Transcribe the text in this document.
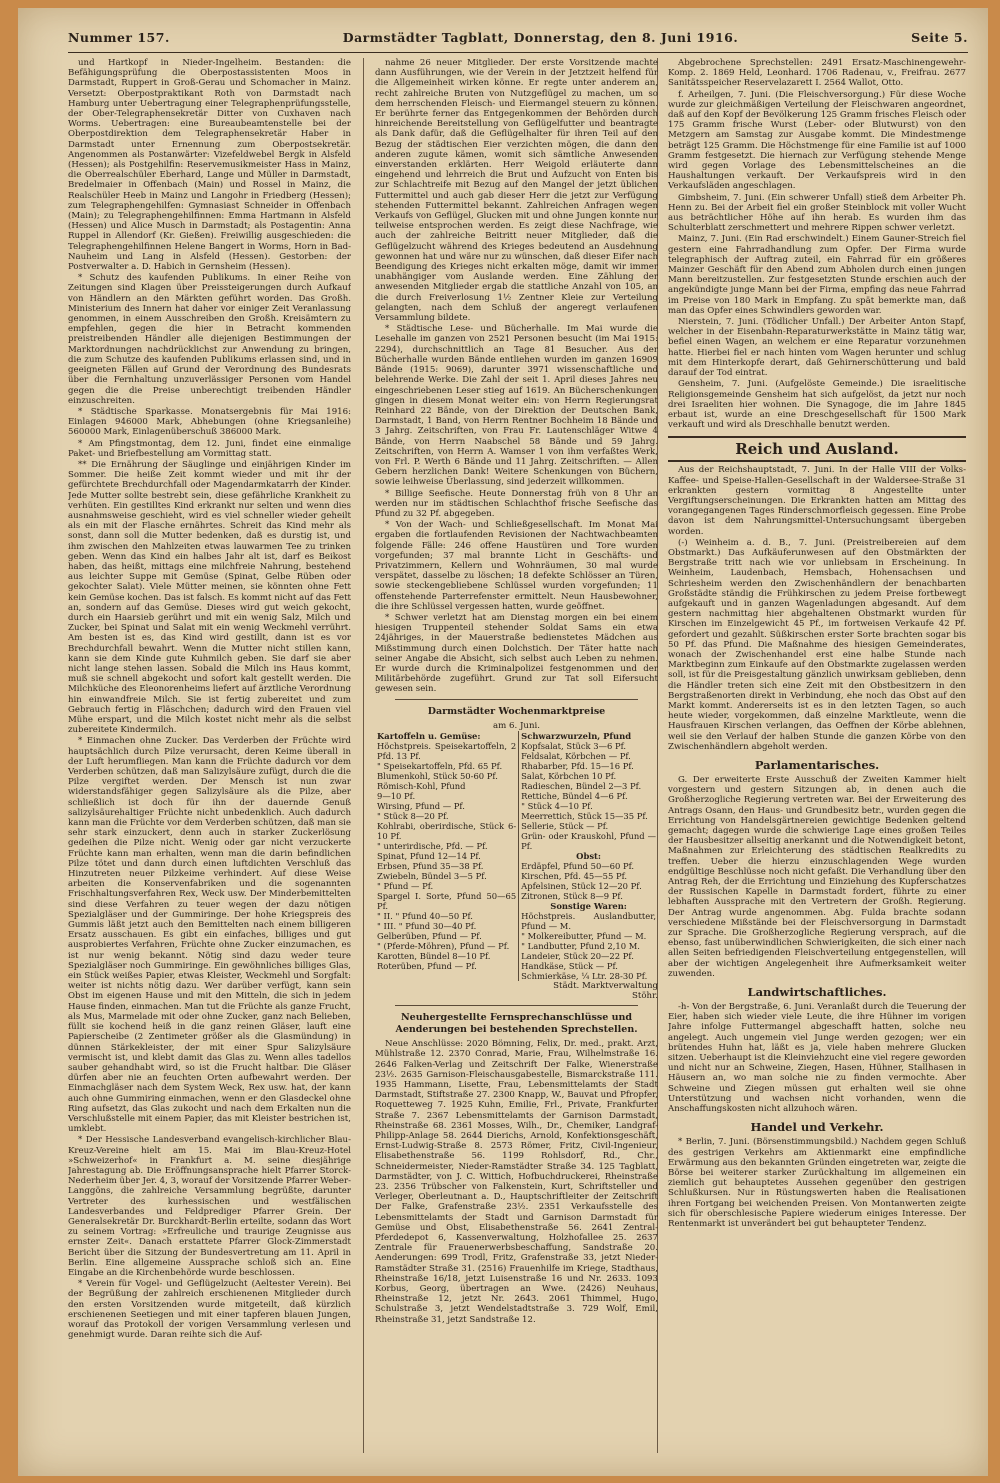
Nummer 157.	Darmstädter Tagblatt, Donnerstag, den 8. Juni 1916.	Seite 5.

und Hartkopf in Nieder-Ingelheim. Bestanden: die Befähigungsprüfung die Oberpostassistenten Moos in Darmstadt, Ruppert in Groß-Gerau und Schomacher in Mainz. Versetzt: Oberpostpraktikant Roth von Darmstadt nach Hamburg unter Uebertragung einer Telegraphenprüfungsstelle, der Ober-Telegraphensekretär Ditter von Cuxhaven nach Worms. Uebertragen: eine Bureaubeamtenstelle bei der Oberpostdirektion dem Telegraphensekretär Haber in Darmstadt unter Ernennung zum Oberpostsekretär. Angenommen als Postanwärter: Vizefeldwebel Bergk in Alsfeld (Hessen); als Postgehilfin: Reservemusikmeister Hass in Mainz, die Oberrealschüler Eberhard, Lange und Müller in Darmstadt, Bredelmaier in Offenbach (Main) und Rossel in Mainz, die Realschüler Heeb in Mainz und Langohr in Friedberg (Hessen); zum Telegraphengehilfen: Gymnasiast Schneider in Offenbach (Main); zu Telegraphengehilfinnen: Emma Hartmann in Alsfeld (Hessen) und Alice Musch in Darmstadt; als Postagentin: Anna Ruppel in Allendorf (Kr. Gießen). Freiwillig ausgeschieden: die Telegraphengehilfinnen Helene Bangert in Worms, Horn in Bad-Nauheim und Lang in Alsfeld (Hessen). Gestorben: der Postverwalter a. D. Habich in Gernsheim (Hessen).

* Schutz des kaufenden Publikums. In einer Reihe von Zeitungen sind Klagen über Preissteigerungen durch Aufkauf von Händlern an den Märkten geführt worden. Das Großh. Ministerium des Innern hat daher vor einiger Zeit Veranlassung genommen, in einem Ausschreiben den Großh. Kreisämtern zu empfehlen, gegen die hier in Betracht kommenden preistreibenden Händler alle diejenigen Bestimmungen der Marktordnungen nachdrücklichst zur Anwendung zu bringen, die zum Schutze des kaufenden Publikums erlassen sind, und in geeigneten Fällen auf Grund der Verordnung des Bundesrats über die Fernhaltung unzuverlässiger Personen vom Handel gegen die die Preise unberechtigt treibenden Händler einzuschreiten.

* Städtische Sparkasse. Monatsergebnis für Mai 1916: Einlagen 946000 Mark, Abhebungen (ohne Kriegsanleihe) 560000 Mark, Einlagenüberschuß 386000 Mark.

* Am Pfingstmontag, dem 12. Juni, findet eine einmalige Paket- und Briefbestellung am Vormittag statt.

** Die Ernährung der Säuglinge und einjährigen Kinder im Sommer. Die heiße Zeit kommt wieder und mit ihr der gefürchtete Brechdurchfall oder Magendarmkatarrh der Kinder. Jede Mutter sollte bestrebt sein, diese gefährliche Krankheit zu verhüten. Ein gestilltes Kind erkrankt nur selten und wenn dies ausnahmsweise geschieht, wird es viel schneller wieder geheilt als ein mit der Flasche ernährtes. Schreit das Kind mehr als sonst, dann soll die Mutter bedenken, daß es durstig ist, und ihm zwischen den Mahlzeiten etwas lauwarmen Tee zu trinken geben. Wenn das Kind ein halbes Jahr alt ist, darf es Beikost haben, das heißt, mittags eine milchfreie Nahrung, bestehend aus leichter Suppe mit Gemüse (Spinat, Gelbe Rüben oder gekochter Salat). Viele Mütter meinen, sie könnten ohne Fett kein Gemüse kochen. Das ist falsch. Es kommt nicht auf das Fett an, sondern auf das Gemüse. Dieses wird gut weich gekocht, durch ein Haarsieb gerührt und mit ein wenig Salz, Milch und Zucker, bei Spinat und Salat mit ein wenig Weckmehl verrührt. Am besten ist es, das Kind wird gestillt, dann ist es vor Brechdurchfall bewahrt. Wenn die Mutter nicht stillen kann, kann sie dem Kinde gute Kuhmilch geben. Sie darf sie aber nicht lange stehen lassen. Sobald die Milch ins Haus kommt, muß sie schnell abgekocht und sofort kalt gestellt werden. Die Milchküche des Eleonorenheims liefert auf ärztliche Verordnung hin einwandfreie Milch. Sie ist fertig zubereitet und zum Gebrauch fertig in Fläschchen; dadurch wird den Frauen viel Mühe erspart, und die Milch kostet nicht mehr als die selbst zubereitete Kindermilch.

* Einmachen ohne Zucker. Das Verderben der Früchte wird hauptsächlich durch Pilze verursacht, deren Keime überall in der Luft herumfliegen. Man kann die Früchte dadurch vor dem Verderben schützen, daß man Salizylsäure zufügt, durch die die Pilze vergiftet werden. Der Mensch ist nun zwar widerstandsfähiger gegen Salizylsäure als die Pilze, aber schließlich ist doch für ihn der dauernde Genuß salizylsäurehaltiger Früchte nicht unbedenklich. Auch dadurch kann man die Früchte vor dem Verderben schützen, daß man sie sehr stark einzuckert, denn auch in starker Zuckerlösung gedeihen die Pilze nicht. Wenig oder gar nicht verzuckerte Früchte kann man erhalten, wenn man die darin befindlichen Pilze tötet und dann durch einen luftdichten Verschluß das Hinzutreten neuer Pilzkeime verhindert. Auf diese Weise arbeiten die Konservenfabriken und die sogenannten Frischhaltungsverfahren Rex, Weck usw. Der Minderbemittelten sind diese Verfahren zu teuer wegen der dazu nötigen Spezialgläser und der Gummiringe. Der hohe Kriegspreis des Gummis läßt jetzt auch den Bemittelten nach einem billigeren Ersatz ausschauen. Es gibt ein einfaches, billiges und gut ausprobiertes Verfahren, Früchte ohne Zucker einzumachen, es ist nur wenig bekannt. Nötig sind dazu weder teure Spezialgläser noch Gummiringe. Ein gewöhnliches billiges Glas, ein Stück weißes Papier, etwas Kleister, Weckmehl und Sorgfalt: weiter ist nichts nötig dazu. Wer darüber verfügt, kann sein Obst im eigenen Hause und mit den Mitteln, die sich in jedem Hause finden, einmachen. Man tut die Früchte als ganze Frucht, als Mus, Marmelade mit oder ohne Zucker, ganz nach Belieben, füllt sie kochend heiß in die ganz reinen Gläser, lauft eine Papierscheibe (2 Zentimeter größer als die Glasmündung) in dünnen Stärkekleister, der mit einer Spur Salizylsäure vermischt ist, und klebt damit das Glas zu. Wenn alles tadellos sauber gehandhabt wird, so ist die Frucht haltbar. Die Gläser dürfen aber nie an feuchten Orten aufbewahrt werden. Der Einmachgläser nach dem System Weck, Rex usw. hat, der kann auch ohne Gummiring einmachen, wenn er den Glasdeckel ohne Ring aufsetzt, das Glas zukocht und nach dem Erkalten nun die Verschlußstelle mit einem Papier, das mit Kleister bestrichen ist, umklebt.

* Der Hessische Landesverband evangelisch-kirchlicher Blau-Kreuz-Vereine hielt am 15. Mai im Blau-Kreuz-Hotel »Schweizerhof« in Frankfurt a. M. seine diesjährige Jahrestagung ab. Die Eröffnungsansprache hielt Pfarrer Storck-Nederheim über Jer. 4, 3, worauf der Vorsitzende Pfarrer Weber-Langgöns, die zahlreiche Versammlung begrüßte, darunter Vertreter des kurhessischen und westfälischen Landesverbandes und Feldprediger Pfarrer Grein. Der Generalsekretär Dr. Burckhardt-Berlin erteilte, sodann das Wort zu seinem Vortrag: »Erfreuliche und traurige Zeugnisse aus ernster Zeit«. Danach erstattete Pfarrer Glock-Zimmerstadt Bericht über die Sitzung der Bundesvertretung am 11. April in Berlin. Eine allgemeine Aussprache schloß sich an. Eine Eingabe an die Kirchenbehörde wurde beschlossen.

* Verein für Vogel- und Geflügelzucht (Aeltester Verein). Bei der Begrüßung der zahlreich erschienenen Mitglieder durch den ersten Vorsitzenden wurde mitgeteilt, daß kürzlich erschienenen Seetiegen und mit einer tapferen blauen Jungen, worauf das Protokoll der vorigen Versammlung verlesen und genehmigt wurde. Daran reihte sich die Auf-

nahme 26 neuer Mitglieder. Der erste Vorsitzende machte dann Ausführungen, wie der Verein in der Jetztzeit helfend für die Allgemeinheit wirken könne. Er regte unter anderem an, recht zahlreiche Bruten von Nutzgeflügel zu machen, um so dem herrschenden Fleisch- und Eiermangel steuern zu können. Er berührte ferner das Entgegenkommen der Behörden durch hinreichende Bereitstellung von Geflügelfutter und beantragte als Dank dafür, daß die Geflügelhalter für ihren Teil auf den Bezug der städtischen Eier verzichten mögen, die dann den anderen zugute kämen, womit sich sämtliche Anwesenden einverstanden erklärten. Herr Weigold erläuterte dann eingehend und lehrreich die Brut und Aufzucht von Enten bis zur Schlachtreife mit Bezug auf den Mangel der jetzt üblichen Futtermittel und auch gab dieser Herr die jetzt zur Verfügung stehenden Futtermittel bekannt. Zahlreichen Anfragen wegen Verkaufs von Geflügel, Glucken mit und ohne Jungen konnte nur teilweise entsprochen werden. Es zeigt diese Nachfrage, wie auch der zahlreiche Beitritt neuer Mitglieder, daß die Geflügelzucht während des Krieges bedeutend an Ausdehnung gewonnen hat und wäre nur zu wünschen, daß dieser Eifer nach Beendigung des Krieges nicht erkalten möge, damit wir immer unabhängiger vom Auslande werden. Eine Zählung der anwesenden Mitglieder ergab die stattliche Anzahl von 105, an die durch Freiverlosung 1½ Zentner Kleie zur Verteilung gelangten, nach dem Schluß der angeregt verlaufenen Versammlung bildete.

* Städtische Lese- und Bücherhalle. Im Mai wurde die Lesehalle im ganzen von 2521 Personen besucht (im Mai 1915: 2294), durchschnittlich an Tage 81 Besucher. Aus der Bücherhalle wurden Bände entliehen wurden im ganzen 16909 Bände (1915: 9069), darunter 3971 wissenschaftliche und belehrende Werke. Die Zahl der seit 1. April dieses Jahres neu eingeschriebenen Leser stieg auf 1619. An Bücherschenkungen gingen in diesem Monat weiter ein: von Herrn Regierungsrat Reinhard 22 Bände, von der Direktion der Deutschen Bank, Darmstadt, 1 Band, von Herrn Rentner Bochheim 18 Bände und 3 Jahrg. Zeitschriften, von Frau Fr. Lautenschläger Witwe 4 Bände, von Herrn Naabschel 58 Bände und 59 Jahrg. Zeitschriften, von Herrn A. Wamser 1 von ihm verfaßtes Werk, von Frl. P. Werth 6 Bände und 11 Jahrg. Zeitschriften. — Allen Gebern herzlichen Dank! Weitere Schenkungen von Büchern, sowie leihweise Überlassung, sind jederzeit willkommen.

* Billige Seefische. Heute Donnerstag früh von 8 Uhr an werden nur im städtischen Schlachthof frische Seefische das Pfund zu 32 Pf. abgegeben.

* Von der Wach- und Schließgesellschaft. Im Monat Mai ergaben die fortlaufenden Revisionen der Nachtwachbeamten folgende Fälle: 246 offene Haustüren und Tore wurden vorgefunden; 37 mal brannte Licht in Geschäfts- und Privatzimmern, Kellern und Wohnräumen, 30 mal wurde verspätet, dasselbe zu löschen; 18 defekte Schlösser an Türen, sowie steckengebliebene Schlüssel wurden vorgefunden; 11 offenstehende Parterrefenster ermittelt. Neun Hausbewohner, die ihre Schlüssel vergessen hatten, wurde geöffnet.

* Schwer verletzt hat am Dienstag morgen ein bei einem hiesigen Truppenteil stehender Soldat Sams ein etwa 24jähriges, in der Mauerstraße bedienstetes Mädchen aus Mißstimmung durch einen Dolchstich. Der Täter hatte nach seiner Angabe die Absicht, sich selbst auch Leben zu nehmen. Er wurde durch die Kriminalpolizei festgenommen und der Militärbehörde zugeführt. Grund zur Tat soll Eifersucht gewesen sein.

Darmstädter Wochenmarktpreise
am 6. Juni.
Kartoffeln u. Gemüse:
Höchstpreis. Speisekartoffeln, 2 Pfd. 13 Pf.
" Speisekartoffeln, Pfd. 65 Pf.
Blumenkohl, Stück 50-60 Pf.
Römisch-Kohl, Pfund
9—10 Pf.
Wirsing, Pfund — Pf.
" Stück 8—20 Pf.
Kohlrabi, oberirdische, Stück 6-10 Pf.
" unterirdische, Pfd. — Pf.
Spinat, Pfund 12—14 Pf.
Erbsen, Pfund 35—38 Pf.
Zwiebeln, Bündel 3—5 Pf.
" Pfund — Pf.
Spargel I. Sorte, Pfund 50—65 Pf.
" II. " Pfund 40—50 Pf.
" III. " Pfund 30—40 Pf.
Gelberüben, Pfund — Pf.
" (Pferde-Möhren), Pfund — Pf.
Karotten, Bündel 8—10 Pf.
Roterüben, Pfund — Pf.

Schwarzwurzeln, Pfund
Kopfsalat, Stück 3—6 Pf.
Feldsalat, Körbchen — Pf.
Rhabarber, Pfd. 15—16 Pf.
Salat, Körbchen 10 Pf.
Radieschen, Bündel 2—3 Pf.
Rettiche, Bündel 4—6 Pf.
" Stück 4—10 Pf.
Meerrettich, Stück 15—35 Pf.
Sellerie, Stück — Pf.
Grün- oder Krauskohl, Pfund — Pf.
Obst:
Erdäpfel, Pfund 50—60 Pf.
Kirschen, Pfd. 45—55 Pf.
Apfelsinen, Stück 12—20 Pf.
Zitronen, Stück 8—9 Pf.
Sonstige Waren:
Höchstpreis. Auslandbutter, Pfund — M.
" Molkereibutter, Pfund — M.
" Landbutter, Pfund 2,10 M.
Landeier, Stück 20—22 Pf.
Handkäse, Stück — Pf.
Schmierkäse, ¼ Ltr. 28-30 Pf.
Städt. Marktverwaltung
Stöhr.
Neuhergestellte Fernsprechanschlüsse und Aenderungen bei bestehenden Sprechstellen.

Neue Anschlüsse: 2020 Bömning, Felix, Dr. med., prakt. Arzt, Mühlstraße 12. 2370 Conrad, Marie, Frau, Wilhelmstraße 16. 2646 Falken-Verlag und Zeitschrift Der Falke, Wienerstraße 23½. 2635 Garnison-Fleischausgabestelle, Bismarckstraße 111. 1935 Hammann, Lisette, Frau, Lebensmittelamts der Stadt Darmstadt, Stiftstraße 27. 2300 Knapp, W., Bauvat und Pfropfer, Roquetteweg 7. 1925 Kuhn, Emilie, Frl., Private, Frankfurter Straße 7. 2367 Lebensmittelamts der Garnison Darmstadt, Rheinstraße 68. 2361 Mosses, Wilh., Dr., Chemiker, Landgraf-Philipp-Anlage 58. 2644 Dierichs, Arnold, Konfektionsgeschäft, Ernst-Ludwig-Straße 8. 2573 Römer, Fritz, Civil-Ingenieur, Elisabethenstraße 56. 1199 Rohlsdorf, Rd., Chr., Schneidermeister, Nieder-Ramstädter Straße 34. 125 Tagblatt, Darmstädter, von J. C. Wittich, Hofbuchdruckerei, Rheinstraße 23. 2356 Trübscher von Falkenstein, Kurt, Schriftsteller und Verleger, Oberleutnant a. D., Hauptschriftleiter der Zeitschrift Der Falke, Grafenstraße 23½. 2351 Verkaufsstelle des Lebensmittelamts der Stadt und Garnison Darmstadt für Gemüse und Obst, Elisabethenstraße 56. 2641 Zentral-Pferdedepot 6, Kassenverwaltung, Holzhofallee 25. 2637 Zentrale für Frauenerwerbsbeschaffung, Sandstraße 20. Aenderungen: 699 Trodl, Fritz, Grafenstraße 33, jetzt Nieder-Ramstädter Straße 31. (2516) Frauenhilfe im Kriege, Stadthaus, Rheinstraße 16/18, jetzt Luisenstraße 16 und Nr. 2633. 1093 Korbus, Georg, übertragen an Wwe. (2426) Neuhaus, Rheinstraße 12, jetzt Nr. 2643. 2061 Thimmel, Hugo, Schulstraße 3, jetzt Wendelstadtstraße 3. 729 Wolf, Emil, Rheinstraße 31, jetzt Sandstraße 12.

Abgebrochene Sprechstellen: 2491 Ersatz-Maschinengewehr-Komp. 2. 1869 Held, Leonhard. 1706 Radenau, v., Freifrau. 2677 Sanitätsspeicher Reservelazarett I. 2564 Wallot, Otto.

f. Arheilgen, 7. Juni. (Die Fleischversorgung.) Für diese Woche wurde zur gleichmäßigen Verteilung der Fleischwaren angeordnet, daß auf den Kopf der Bevölkerung 125 Gramm frisches Fleisch oder 175 Gramm frische Wurst (Leber- oder Blutwurst) von den Metzgern am Samstag zur Ausgabe kommt. Die Mindestmenge beträgt 125 Gramm. Die Höchstmenge für eine Familie ist auf 1000 Gramm festgesetzt. Die hiernach zur Verfügung stehende Menge wird gegen Vorlage des Lebensmittelscheines an die Haushaltungen verkauft. Der Verkaufspreis wird in den Verkaufsläden angeschlagen.

Gimbsheim, 7. Juni. (Ein schwerer Unfall) stieß dem Arbeiter Ph. Henn zu. Bei der Arbeit fiel ein großer Steinblock mit voller Wucht aus beträchtlicher Höhe auf ihn herab. Es wurden ihm das Schulterblatt zerschmettert und mehrere Rippen schwer verletzt.

Mainz, 7. Juni. (Ein Rad erschwindelt.) Einem Gauner-Streich fiel gestern eine Fahrradhandlung zum Opfer. Der Firma wurde telegraphisch der Auftrag zuteil, ein Fahrrad für ein größeres Mainzer Geschäft für den Abend zum Abholen durch einen jungen Mann bereitzustellen. Zur festgesetzten Stunde erschien auch der angekündigte junge Mann bei der Firma, empfing das neue Fahrrad im Preise von 180 Mark in Empfang. Zu spät bemerkte man, daß man das Opfer eines Schwindlers geworden war.

Nierstein, 7. Juni. (Tödlicher Unfall.) Der Arbeiter Anton Stapf, welcher in der Eisenbahn-Reparaturwerkstätte in Mainz tätig war, befiel einen Wagen, an welchem er eine Reparatur vorzunehmen hatte. Hierbei fiel er nach hinten vom Wagen herunter und schlug mit dem Hinterkopfe derart, daß Gehirnerschütterung und bald darauf der Tod eintrat.

Gensheim, 7. Juni. (Aufgelöste Gemeinde.) Die israelitische Religionsgemeinde Gensheim hat sich aufgelöst, da jetzt nur noch drei Israeliten hier wohnen. Die Synagoge, die im Jahre 1845 erbaut ist, wurde an eine Dreschgesellschaft für 1500 Mark verkauft und wird als Dreschhalle benutzt werden.

Reich und Ausland.

Aus der Reichshauptstadt, 7. Juni. In der Halle VIII der Volks-Kaffee- und Speise-Hallen-Gesellschaft in der Waldersee-Straße 31 erkrankten gestern vormittag 8 Angestellte unter Vergiftungserscheinungen. Die Erkrankten hatten am Mittag des vorangegangenen Tages Rinderschmorfleisch gegessen. Eine Probe davon ist dem Nahrungsmittel-Untersuchungsamt übergeben worden.

(-) Weinheim a. d. B., 7. Juni. (Preistreibereien auf dem Obstmarkt.) Das Aufkäuferunwesen auf den Obstmärkten der Bergstraße tritt nach wie vor unliebsam in Erscheinung. In Weinheim, Laudenbach, Hemsbach, Hohensachsen und Schriesheim werden den Zwischenhändlern der benachbarten Großstädte ständig die Frühkirschen zu jedem Preise fortbewegt aufgekauft und in ganzen Wagenladungen abgesandt. Auf dem gestern nachmittag hier abgehaltenen Obstmarkt wurden für Kirschen im Einzelgewicht 45 Pf., im fortweisen Verkaufe 42 Pf. gefordert und gezahlt. Süßkirschen erster Sorte brachten sogar bis 50 Pf. das Pfund. Die Maßnahme des hiesigen Gemeinderates, wonach der Zwischenhandel erst eine halbe Stunde nach Marktbeginn zum Einkaufe auf den Obstmarkte zugelassen werden soll, ist für die Preisgestaltung gänzlich unwirksam geblieben, denn die Händler treten sich eine Zeit mit den Obstbesitzern in den Bergstraßenorten direkt in Verbindung, ehe noch das Obst auf den Markt kommt. Andererseits ist es in den letzten Tagen, so auch heute wieder, vorgekommen, daß einzelne Marktleute, wenn die Hausfrauen Kirschen verlangen, das Oeffnen der Körbe ablehnen, weil sie den Verlauf der halben Stunde die ganzen Körbe von den Zwischenhändlern abgeholt werden.

Parlamentarisches.

G. Der erweiterte Erste Ausschuß der Zweiten Kammer hielt vorgestern und gestern Sitzungen ab, in denen auch die Großherzogliche Regierung vertreten war. Bei der Erweiterung des Antrags Osann, den Haus- und Grundbesitz betr., wurden gegen die Errichtung von Handelsgärtnereien gewichtige Bedenken geltend gemacht; dagegen wurde die schwierige Lage eines großen Teiles der Hausbesitzer allseitig anerkannt und die Notwendigkeit betont, Maßnahmen zur Erleichterung des städtischen Realkredits zu treffen. Ueber die hierzu einzuschlagenden Wege wurden endgültige Beschlüsse noch nicht gefaßt. Die Verhandlung über den Antrag Reh, der die Errichtung und Einziehung des Kupferschatzes der Russischen Kapelle in Darmstadt fordert, führte zu einer lebhaften Aussprache mit den Vertretern der Großh. Regierung. Der Antrag wurde angenommen. Abg. Fulda brachte sodann verschiedene Mißstände bei der Fleischversorgung in Darmstadt zur Sprache. Die Großherzogliche Regierung versprach, auf die ebenso, fast unüberwindlichen Schwierigkeiten, die sich einer nach allen Seiten befriedigenden Fleischverteilung entgegenstellen, will aber der wichtigen Angelegenheit ihre Aufmerksamkeit weiter zuwenden.

Landwirtschaftliches.

-h- Von der Bergstraße, 6. Juni. Veranlaßt durch die Teuerung der Eier, haben sich wieder viele Leute, die ihre Hühner im vorigen Jahre infolge Futtermangel abgeschafft hatten, solche neu angelegt. Auch ungemein viel Junge werden gezogen; wer ein brütendes Huhn hat, läßt es ja, viele haben mehrere Glucken sitzen. Ueberhaupt ist die Kleinviehzucht eine viel regere geworden und nicht nur an Schweine, Ziegen, Hasen, Hühner, Stallhasen in Häusern an, wo man solche nie zu finden vermochte. Aber Schweine und Ziegen müssen gut erhalten weil sie ohne Unterstützung und wachsen nicht vorhanden, wenn die Anschaffungskosten nicht allzuhoch wären.

Handel und Verkehr.

* Berlin, 7. Juni. (Börsenstimmungsbild.) Nachdem gegen Schluß des gestrigen Verkehrs am Aktienmarkt eine empfindliche Erwärmung aus den bekannten Gründen eingetreten war, zeigte die Börse bei weiterer starker Zurückhaltung im allgemeinen ein ziemlich gut behauptetes Aussehen gegenüber den gestrigen Schlußkursen. Nur in Rüstungswerten haben die Realisationen ihren Fortgang bei weichenden Preisen. Von Montanwerten zeigte sich für oberschlesische Papiere wiederum einiges Interesse. Der Rentenmarkt ist unverändert bei gut behaupteter Tendenz.
